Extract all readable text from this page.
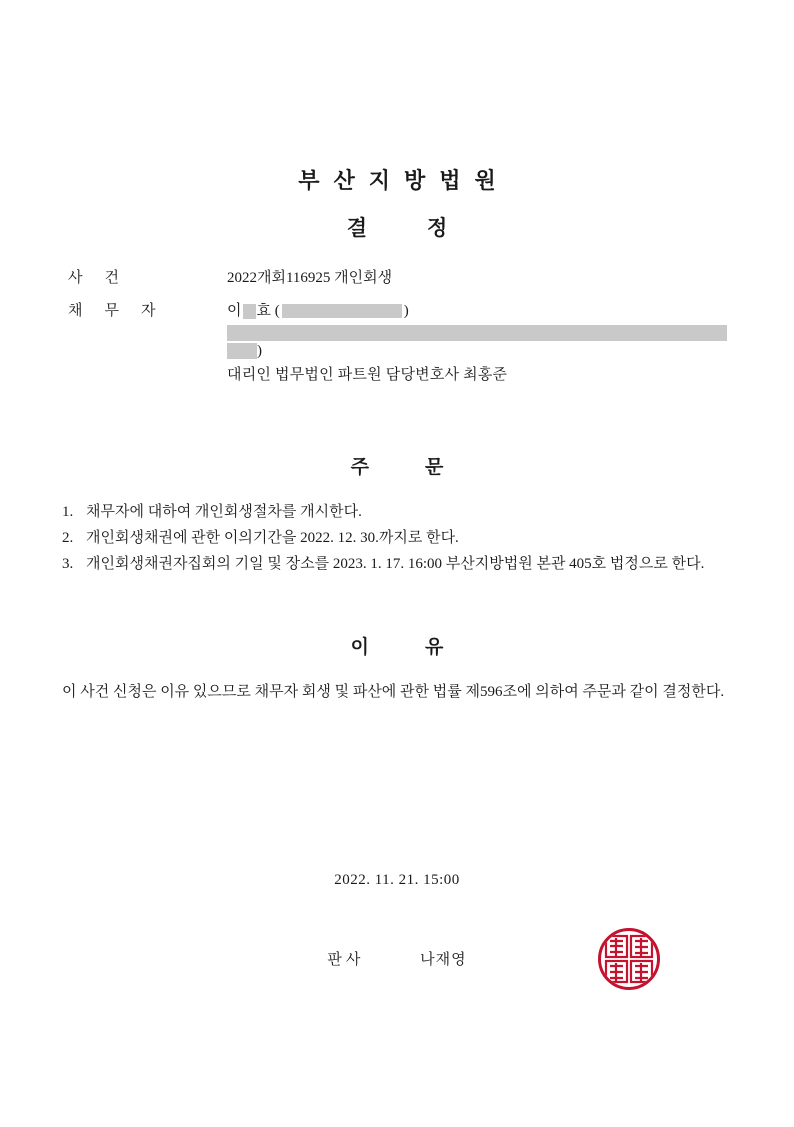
부산지방법원
결정
사건	2022개회116925 개인회생
채무자	이 효 (	)
)
대리인 법무법인 파트원 담당변호사 최홍준
주문
1. 채무자에 대하여 개인회생절차를 개시한다.
2. 개인회생채권에 관한 이의기간을 2022. 12. 30.까지로 한다.
3. 개인회생채권자집회의 기일 및 장소를 2023. 1. 17. 16:00 부산지방법원 본관 405호 법정으로 한다.
이유
이 사건 신청은 이유 있으므로 채무자 회생 및 파산에 관한 법률 제596조에 의하여 주문과 같이 결정한다.
2022. 11. 21. 15:00
판사	나재영
